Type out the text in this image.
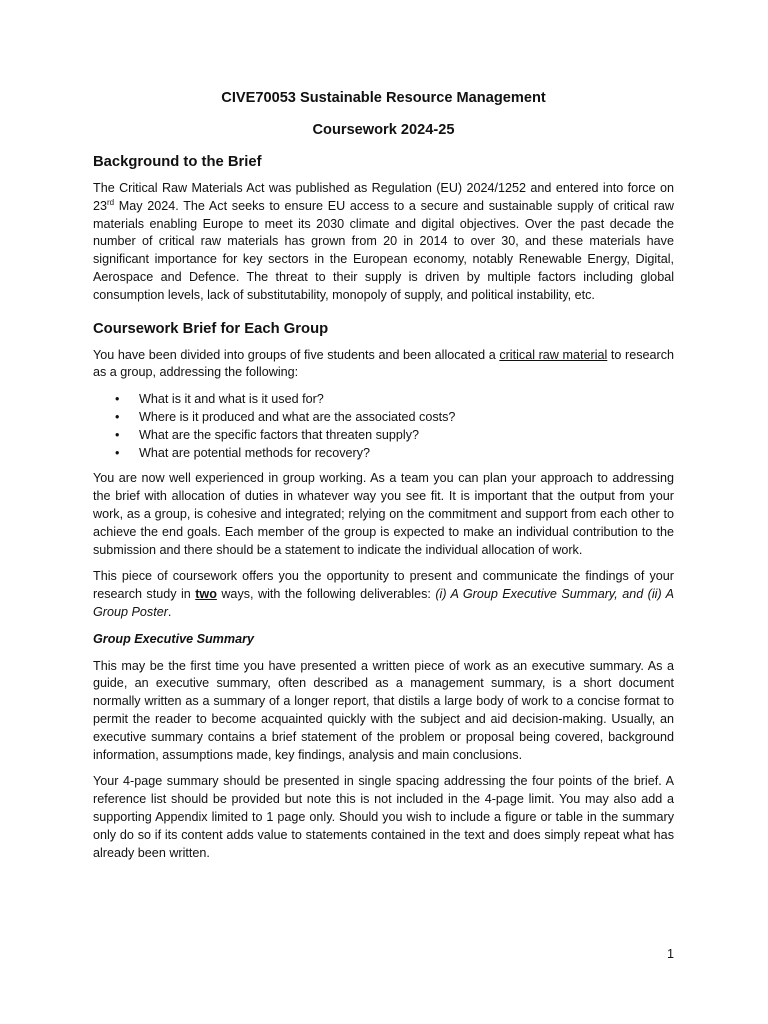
CIVE70053 Sustainable Resource Management
Coursework 2024-25
Background to the Brief

The Critical Raw Materials Act was published as Regulation (EU) 2024/1252 and entered into force on 23rd May 2024. The Act seeks to ensure EU access to a secure and sustainable supply of critical raw materials enabling Europe to meet its 2030 climate and digital objectives. Over the past decade the number of critical raw materials has grown from 20 in 2014 to over 30, and these materials have significant importance for key sectors in the European economy, notably Renewable Energy, Digital, Aerospace and Defence. The threat to their supply is driven by multiple factors including global consumption levels, lack of substitutability, monopoly of supply, and political instability, etc.

Coursework Brief for Each Group

You have been divided into groups of five students and been allocated a critical raw material to research as a group, addressing the following:

• What is it and what is it used for?
• Where is it produced and what are the associated costs?
• What are the specific factors that threaten supply?
• What are potential methods for recovery?

You are now well experienced in group working. As a team you can plan your approach to addressing the brief with allocation of duties in whatever way you see fit. It is important that the output from your work, as a group, is cohesive and integrated; relying on the commitment and support from each other to achieve the end goals. Each member of the group is expected to make an individual contribution to the submission and there should be a statement to indicate the individual allocation of work.

This piece of coursework offers you the opportunity to present and communicate the findings of your research study in two ways, with the following deliverables: (i) A Group Executive Summary, and (ii) A Group Poster.

Group Executive Summary

This may be the first time you have presented a written piece of work as an executive summary. As a guide, an executive summary, often described as a management summary, is a short document normally written as a summary of a longer report, that distils a large body of work to a concise format to permit the reader to become acquainted quickly with the subject and aid decision-making. Usually, an executive summary contains a brief statement of the problem or proposal being covered, background information, assumptions made, key findings, analysis and main conclusions.

Your 4-page summary should be presented in single spacing addressing the four points of the brief. A reference list should be provided but note this is not included in the 4-page limit. You may also add a supporting Appendix limited to 1 page only. Should you wish to include a figure or table in the summary only do so if its content adds value to statements contained in the text and does simply repeat what has already been written.

1
